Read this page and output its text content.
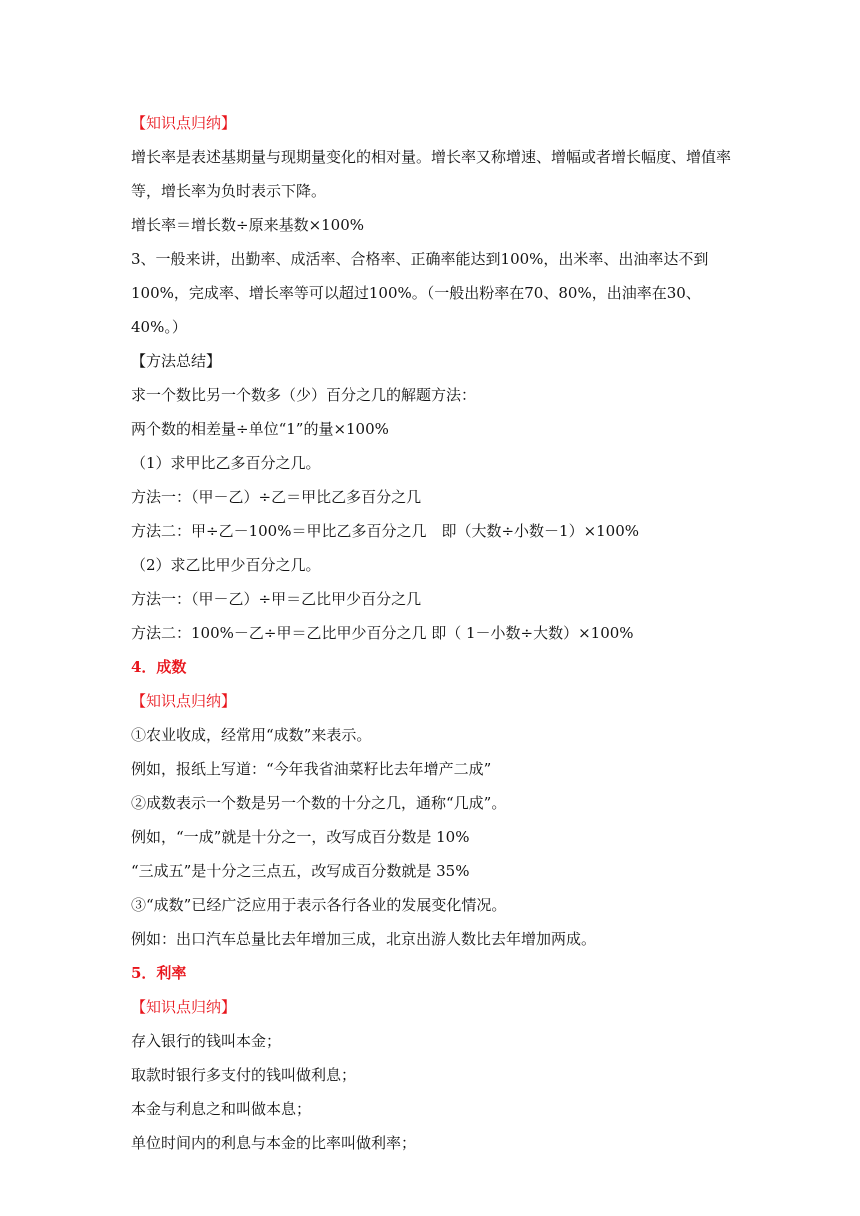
【知识点归纳】

增长率是表述基期量与现期量变化的相对量。增长率又称增速、增幅或者增长幅度、增值率等，增长率为负时表示下降。

增长率＝增长数÷原来基数×100%

3、一般来讲，出勤率、成活率、合格率、正确率能达到100%，出米率、出油率达不到100%，完成率、增长率等可以超过100%。（一般出粉率在70、80%，出油率在30、40%。）

【方法总结】

求一个数比另一个数多（少）百分之几的解题方法：

两个数的相差量÷单位“1”的量×100%

（1）求甲比乙多百分之几。

方法一：（甲－乙）÷乙＝甲比乙多百分之几

方法二：甲÷乙－100%＝甲比乙多百分之几　即（大数÷小数－1）×100%

（2）求乙比甲少百分之几。

方法一：（甲－乙）÷甲＝乙比甲少百分之几

方法二：100%－乙÷甲＝乙比甲少百分之几 即（ 1－小数÷大数）×100%

4．成数

【知识点归纳】

①农业收成，经常用“成数”来表示。

例如，报纸上写道：“今年我省油菜籽比去年增产二成”

②成数表示一个数是另一个数的十分之几，通称“几成”。

例如，“一成”就是十分之一，改写成百分数是 10%

“三成五”是十分之三点五，改写成百分数就是 35%

③“成数”已经广泛应用于表示各行各业的发展变化情况。

例如：出口汽车总量比去年增加三成，北京出游人数比去年增加两成。

5．利率

【知识点归纳】

存入银行的钱叫本金；

取款时银行多支付的钱叫做利息；

本金与利息之和叫做本息；

单位时间内的利息与本金的比率叫做利率；
